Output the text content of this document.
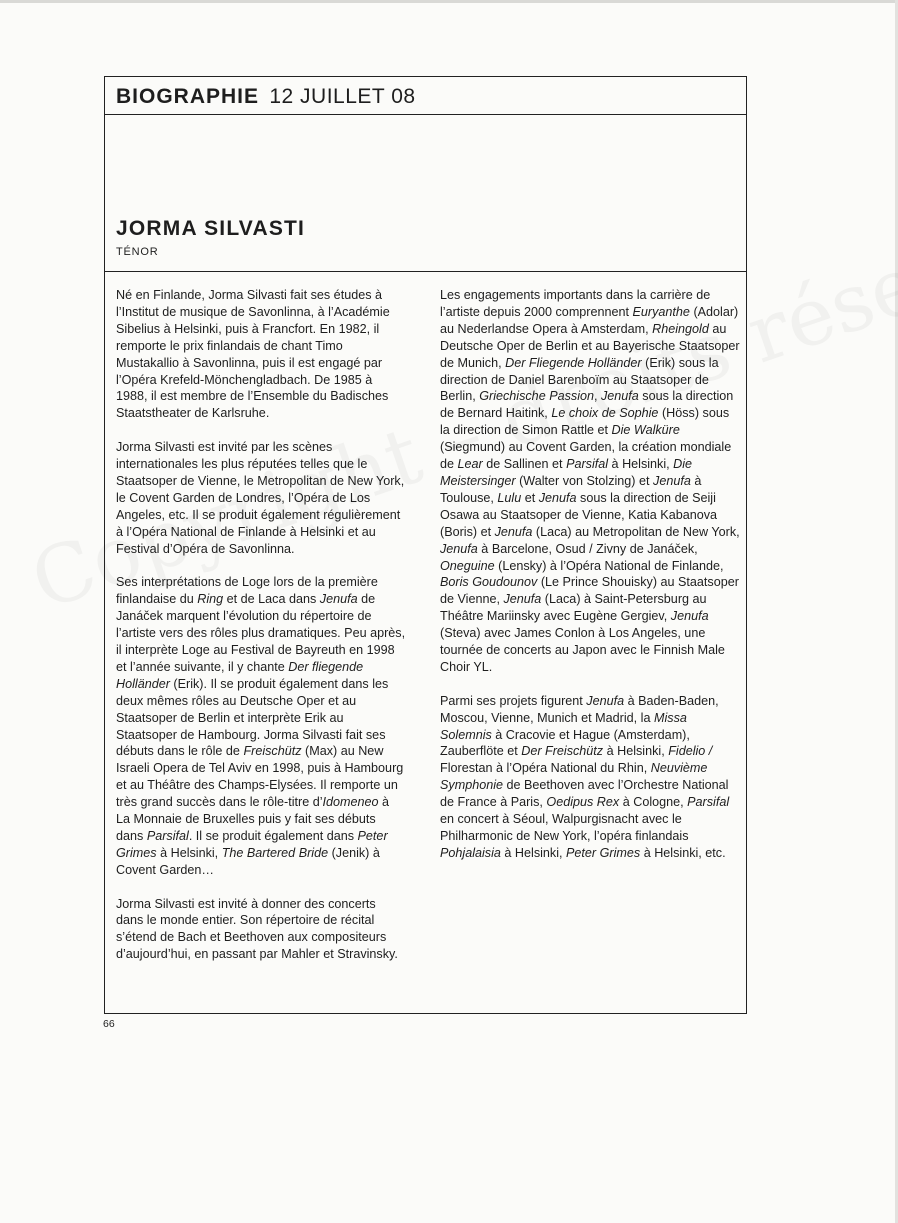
BIOGRAPHIE 12 JUILLET 08
JORMA SILVASTI
TÉNOR

Né en Finlande, Jorma Silvasti fait ses études à l’Institut de musique de Savonlinna, à l’Académie Sibelius à Helsinki, puis à Francfort. En 1982, il remporte le prix finlandais de chant Timo Mustakallio à Savonlinna, puis il est engagé par l’Opéra Krefeld-Mönchengladbach. De 1985 à 1988, il est membre de l’Ensemble du Badisches Staatstheater de Karlsruhe.

Jorma Silvasti est invité par les scènes internationales les plus réputées telles que le Staatsoper de Vienne, le Metropolitan de New York, le Covent Garden de Londres, l’Opéra de Los Angeles, etc. Il se produit également régulièrement à l’Opéra National de Finlande à Helsinki et au Festival d’Opéra de Savonlinna.

Ses interprétations de Loge lors de la première finlandaise du Ring et de Laca dans Jenufa de Janáček marquent l’évolution du répertoire de l’artiste vers des rôles plus dramatiques. Peu après, il interprète Loge au Festival de Bayreuth en 1998 et l’année suivante, il y chante Der fliegende Holländer (Erik). Il se produit également dans les deux mêmes rôles au Deutsche Oper et au Staatsoper de Berlin et interprète Erik au Staatsoper de Hambourg. Jorma Silvasti fait ses débuts dans le rôle de Freischütz (Max) au New Israeli Opera de Tel Aviv en 1998, puis à Hambourg et au Théâtre des Champs-Elysées. Il remporte un très grand succès dans le rôle-titre d’Idomeneo à La Monnaie de Bruxelles puis y fait ses débuts dans Parsifal. Il se produit également dans Peter Grimes à Helsinki, The Bartered Bride (Jenik) à Covent Garden…

Jorma Silvasti est invité à donner des concerts dans le monde entier. Son répertoire de récital s’étend de Bach et Beethoven aux compositeurs d’aujourd’hui, en passant par Mahler et Stravinsky.

Les engagements importants dans la carrière de l’artiste depuis 2000 comprennent Euryanthe (Adolar) au Nederlandse Opera à Amsterdam, Rheingold au Deutsche Oper de Berlin et au Bayerische Staatsoper de Munich, Der Fliegende Holländer (Erik) sous la direction de Daniel Barenboïm au Staatsoper de Berlin, Griechische Passion, Jenufa sous la direction de Bernard Haitink, Le choix de Sophie (Höss) sous la direction de Simon Rattle et Die Walküre (Siegmund) au Covent Garden, la création mondiale de Lear de Sallinen et Parsifal à Helsinki, Die Meistersinger (Walter von Stolzing) et Jenufa à Toulouse, Lulu et Jenufa sous la direction de Seiji Osawa au Staatsoper de Vienne, Katia Kabanova (Boris) et Jenufa (Laca) au Metropolitan de New York, Jenufa à Barcelone, Osud / Zivny de Janáček, Oneguine (Lensky) à l’Opéra National de Finlande, Boris Goudounov (Le Prince Shouisky) au Staatsoper de Vienne, Jenufa (Laca) à Saint-Petersburg au Théâtre Mariinsky avec Eugène Gergiev, Jenufa (Steva) avec James Conlon à Los Angeles, une tournée de concerts au Japon avec le Finnish Male Choir YL.

Parmi ses projets figurent Jenufa à Baden-Baden, Moscou, Vienne, Munich et Madrid, la Missa Solemnis à Cracovie et Hague (Amsterdam), Zauberflöte et Der Freischütz à Helsinki, Fidelio / Florestan à l’Opéra National du Rhin, Neuvième Symphonie de Beethoven avec l’Orchestre National de France à Paris, Oedipus Rex à Cologne, Parsifal en concert à Séoul, Walpurgisnacht avec le Philharmonic de New York, l’opéra finlandais Pohjalaisia à Helsinki, Peter Grimes à Helsinki, etc.

66
